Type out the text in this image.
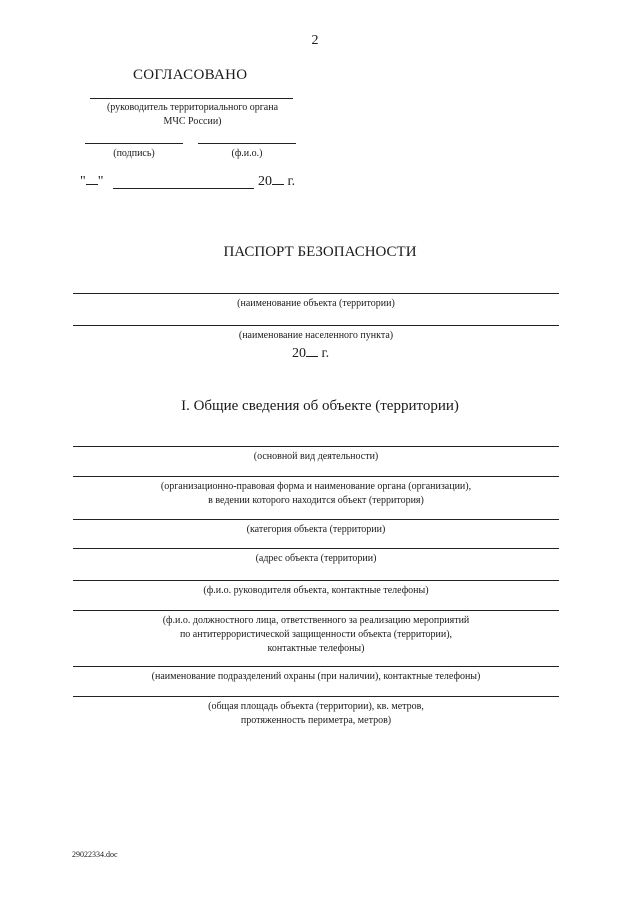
2
СОГЛАСОВАНО
(руководитель территориального органа
МЧС России)
(подпись)	(ф.и.о.)
" "	20 г.
ПАСПОРТ БЕЗОПАСНОСТИ
(наименование объекта (территории)
(наименование населенного пункта)
20 г.
I. Общие сведения об объекте (территории)
(основной вид деятельности)
(организационно-правовая форма и наименование органа (организации),
в ведении которого находится объект (территория)
(категория объекта (территории)
(адрес объекта (территории)
(ф.и.о. руководителя объекта, контактные телефоны)
(ф.и.о. должностного лица, ответственного за реализацию мероприятий
по антитеррористической защищенности объекта (территории),
контактные телефоны)
(наименование подразделений охраны (при наличии), контактные телефоны)
(общая площадь объекта (территории), кв. метров,
протяженность периметра, метров)
29022334.doc
